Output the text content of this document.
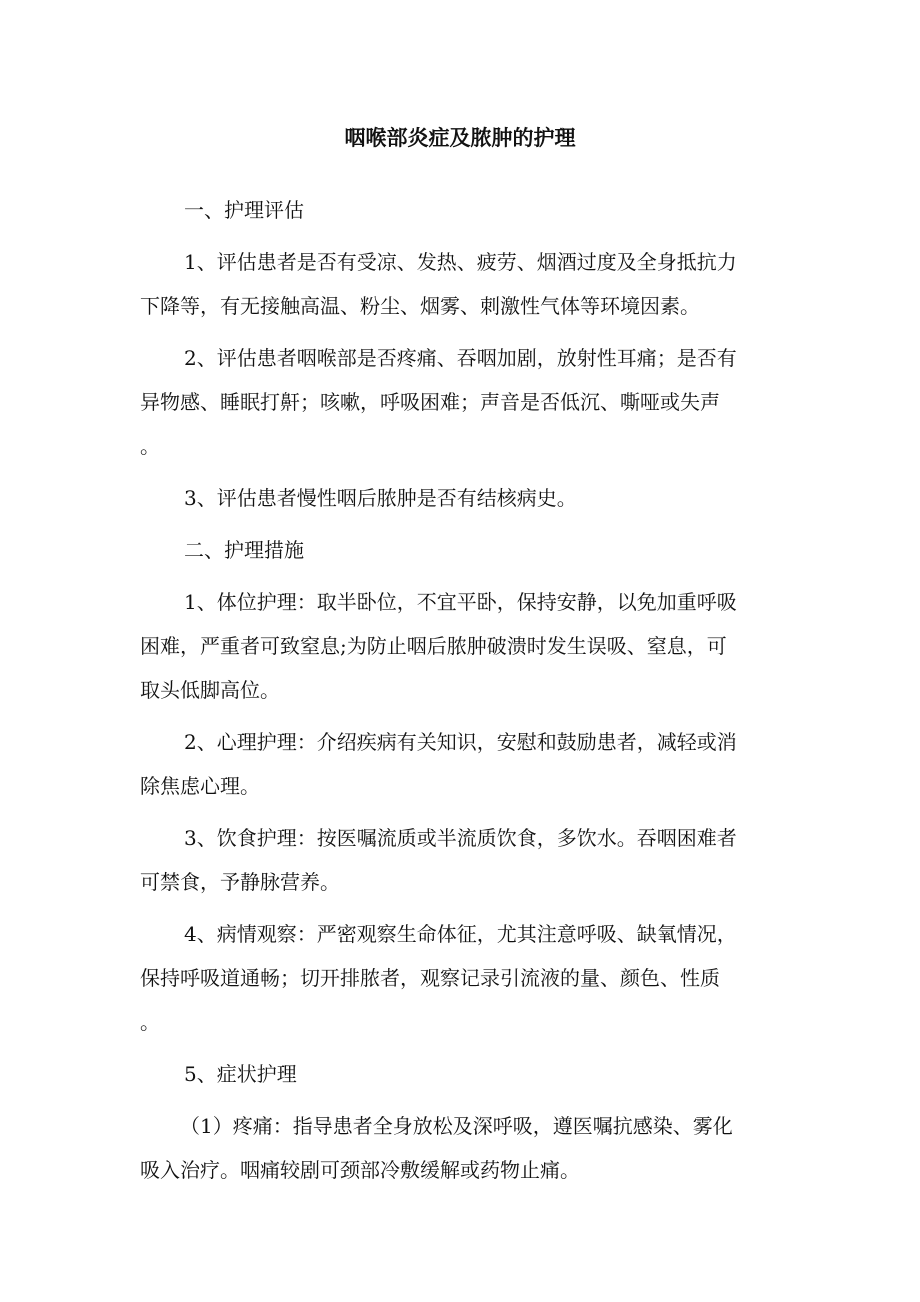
咽喉部炎症及脓肿的护理

一、护理评估

1、评估患者是否有受凉、发热、疲劳、烟酒过度及全身抵抗力
下降等，有无接触高温、粉尘、烟雾、刺激性气体等环境因素。

2、评估患者咽喉部是否疼痛、吞咽加剧，放射性耳痛；是否有
异物感、睡眠打鼾；咳嗽，呼吸困难；声音是否低沉、嘶哑或失声
。

3、评估患者慢性咽后脓肿是否有结核病史。

二、护理措施

1、体位护理：取半卧位，不宜平卧，保持安静，以免加重呼吸
困难，严重者可致窒息;为防止咽后脓肿破溃时发生误吸、窒息，可
取头低脚高位。

2、心理护理：介绍疾病有关知识，安慰和鼓励患者，减轻或消
除焦虑心理。

3、饮食护理：按医嘱流质或半流质饮食，多饮水。吞咽困难者
可禁食，予静脉营养。

4、病情观察：严密观察生命体征，尤其注意呼吸、缺氧情况，
保持呼吸道通畅；切开排脓者，观察记录引流液的量、颜色、性质
。

5、症状护理

（1）疼痛：指导患者全身放松及深呼吸，遵医嘱抗感染、雾化
吸入治疗。咽痛较剧可颈部冷敷缓解或药物止痛。
